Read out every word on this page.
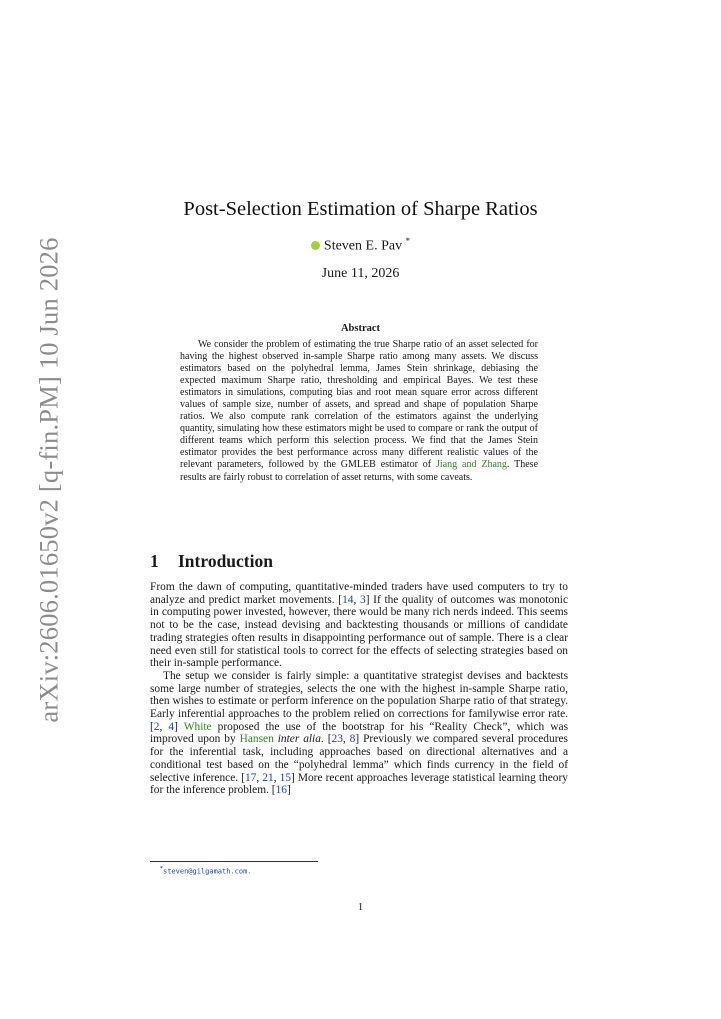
arXiv:2606.01650v2 [q-fin.PM] 10 Jun 2026
Post-Selection Estimation of Sharpe Ratios
Steven E. Pav *
June 11, 2026
Abstract
We consider the problem of estimating the true Sharpe ratio of an asset selected for having the highest observed in-sample Sharpe ratio among many assets. We discuss estimators based on the polyhedral lemma, James Stein shrinkage, debiasing the expected maximum Sharpe ratio, thresholding and empirical Bayes. We test these estimators in simulations, computing bias and root mean square error across different values of sample size, number of assets, and spread and shape of population Sharpe ratios. We also compute rank correlation of the estimators against the underlying quantity, simulating how these estimators might be used to compare or rank the output of different teams which perform this selection process. We find that the James Stein estimator provides the best performance across many different realistic values of the relevant parameters, followed by the GMLEB estimator of Jiang and Zhang. These results are fairly robust to correlation of asset returns, with some caveats.
1 Introduction

From the dawn of computing, quantitative-minded traders have used computers to try to analyze and predict market movements. [14, 3] If the quality of outcomes was monotonic in computing power invested, however, there would be many rich nerds indeed. This seems not to be the case, instead devising and backtesting thousands or millions of candidate trading strategies often results in disappointing performance out of sample. There is a clear need even still for statistical tools to correct for the effects of selecting strategies based on their in-sample performance.

The setup we consider is fairly simple: a quantitative strategist devises and backtests some large number of strategies, selects the one with the highest in-sample Sharpe ratio, then wishes to estimate or perform inference on the population Sharpe ratio of that strategy. Early inferential approaches to the problem relied on corrections for familywise error rate. [2, 4] White proposed the use of the bootstrap for his “Reality Check”, which was improved upon by Hansen inter alia. [23, 8] Previously we compared several procedures for the inferential task, including approaches based on directional alternatives and a conditional test based on the “polyhedral lemma” which finds currency in the field of selective inference. [17, 21, 15] More recent approaches leverage statistical learning theory for the inference problem. [16]

*steven@gilgamath.com.
1
